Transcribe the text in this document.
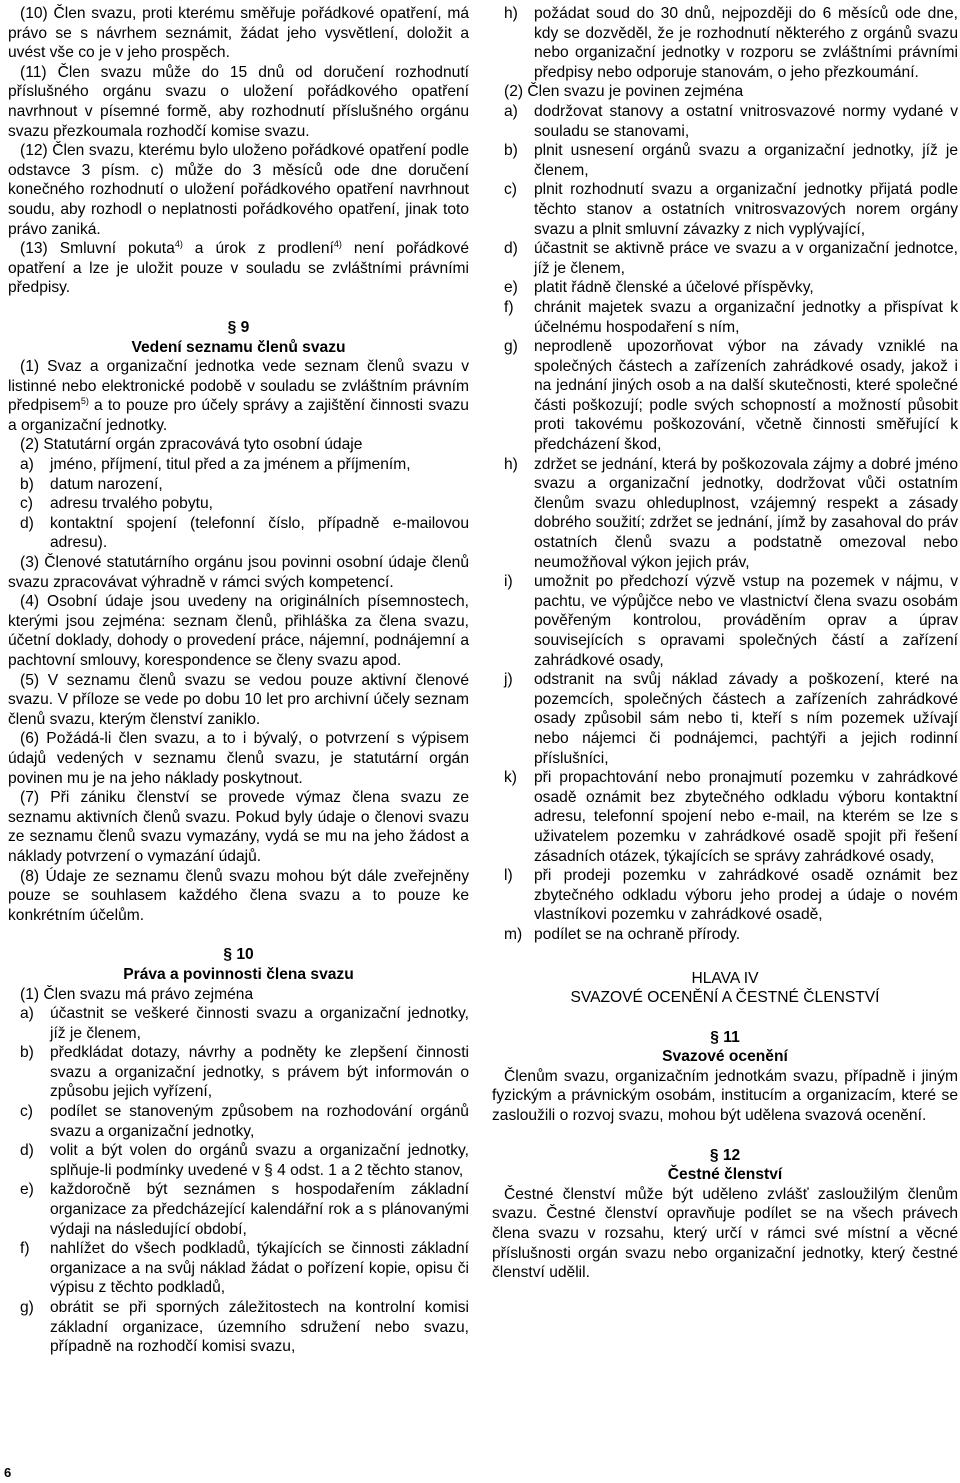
(10) Člen svazu, proti kterému směřuje pořádkové opatření, má právo se s návrhem seznámit, žádat jeho vysvětlení, doložit a uvést vše co je v jeho prospěch.

(11) Člen svazu může do 15 dnů od doručení rozhodnutí příslušného orgánu svazu o uložení pořádkového opatření navrhnout v písemné formě, aby rozhodnutí příslušného orgánu svazu přezkoumala rozhodčí komise svazu.

(12) Člen svazu, kterému bylo uloženo pořádkové opatření podle odstavce 3 písm. c) může do 3 měsíců ode dne doručení konečného rozhodnutí o uložení pořádkového opatření navrhnout soudu, aby rozhodl o neplatnosti pořádkového opatření, jinak toto právo zaniká.

(13) Smluvní pokuta$^{4)}$ a úrok z prodlení$^{4)}$ není pořádkové opatření a lze je uložit pouze v souladu se zvláštními právními předpisy.

§ 9

Vedení seznamu členů svazu

(1) Svaz a organizační jednotka vede seznam členů svazu v listinné nebo elektronické podobě v souladu se zvláštním právním předpisem$^{5)}$ a to pouze pro účely správy a zajištění činnosti svazu a organizační jednotky.

(2) Statutární orgán zpracovává tyto osobní údaje

a)	jméno, příjmení, titul před a za jménem a příjmením,
b)	datum narození,
c)	adresu trvalého pobytu,
d)	kontaktní spojení (telefonní číslo, případně e-mailovou adresu).

(3) Členové statutárního orgánu jsou povinni osobní údaje členů svazu zpracovávat výhradně v rámci svých kompetencí.

(4) Osobní údaje jsou uvedeny na originálních písemnostech, kterými jsou zejména: seznam členů, přihláška za člena svazu, účetní doklady, dohody o provedení práce, nájemní, podnájemní a pachtovní smlouvy, korespondence se členy svazu apod.

(5) V seznamu členů svazu se vedou pouze aktivní členové svazu. V příloze se vede po dobu 10 let pro archivní účely seznam členů svazu, kterým členství zaniklo.

(6) Požádá-li člen svazu, a to i bývalý, o potvrzení s výpisem údajů vedených v seznamu členů svazu, je statutární orgán povinen mu je na jeho náklady poskytnout.

(7) Při zániku členství se provede výmaz člena svazu ze seznamu aktivních členů svazu. Pokud byly údaje o členovi svazu ze seznamu členů svazu vymazány, vydá se mu na jeho žádost a náklady potvrzení o vymazání údajů.

(8) Údaje ze seznamu členů svazu mohou být dále zveřejněny pouze se souhlasem každého člena svazu a to pouze ke konkrétním účelům.

§ 10

Práva a povinnosti člena svazu

(1) Člen svazu má právo zejména

a)	účastnit se veškeré činnosti svazu a organizační jednotky, jíž je členem,
b)	předkládat dotazy, návrhy a podněty ke zlepšení činnosti svazu a organizační jednotky, s právem být informován o způsobu jejich vyřízení,
c)	podílet se stanoveným způsobem na rozhodování orgánů svazu a organizační jednotky,
d)	volit a být volen do orgánů svazu a organizační jednotky, splňuje-li podmínky uvedené v § 4 odst. 1 a 2 těchto stanov,
e)	každoročně být seznámen s hospodařením základní organizace za předcházející kalendářní rok a s plánovanými výdaji na následující období,
f)	nahlížet do všech podkladů, týkajících se činnosti základní organizace a na svůj náklad žádat o pořízení kopie, opisu či výpisu z těchto podkladů,
g)	obrátit se při sporných záležitostech na kontrolní komisi základní organizace, územního sdružení nebo svazu, případně na rozhodčí komisi svazu,
h)	požádat soud do 30 dnů, nejpozději do 6 měsíců ode dne, kdy se dozvěděl, že je rozhodnutí některého z orgánů svazu nebo organizační jednotky v rozporu se zvláštními právními předpisy nebo odporuje stanovám, o jeho přezkoumání.

(2) Člen svazu je povinen zejména

a)	dodržovat stanovy a ostatní vnitrosvazové normy vydané v souladu se stanovami,
b)	plnit usnesení orgánů svazu a organizační jednotky, jíž je členem,
c)	plnit rozhodnutí svazu a organizační jednotky přijatá podle těchto stanov a ostatních vnitrosvazových norem orgány svazu a plnit smluvní závazky z nich vyplývající,
d)	účastnit se aktivně práce ve svazu a v organizační jednotce, jíž je členem,
e)	platit řádně členské a účelové příspěvky,
f)	chránit majetek svazu a organizační jednotky a přispívat k účelnému hospodaření s ním,
g)	neprodleně upozorňovat výbor na závady vzniklé na společných částech a zařízeních zahrádkové osady, jakož i na jednání jiných osob a na další skutečnosti, které společné části poškozují; podle svých schopností a možností působit proti takovému poškozování, včetně činnosti směřující k předcházení škod,
h)	zdržet se jednání, která by poškozovala zájmy a dobré jméno svazu a organizační jednotky, dodržovat vůči ostatním členům svazu ohleduplnost, vzájemný respekt a zásady dobrého soužití; zdržet se jednání, jímž by zasahoval do práv ostatních členů svazu a podstatně omezoval nebo neumožňoval výkon jejich práv,
i)	umožnit po předchozí výzvě vstup na pozemek v nájmu, v pachtu, ve výpůjčce nebo ve vlastnictví člena svazu osobám pověřeným kontrolou, prováděním oprav a úprav souvisejících s opravami společných částí a zařízení zahrádkové osady,
j)	odstranit na svůj náklad závady a poškození, které na pozemcích, společných částech a zařízeních zahrádkové osady způsobil sám nebo ti, kteří s ním pozemek užívají nebo nájemci či podnájemci, pachtýři a jejich rodinní příslušníci,
k)	při propachtování nebo pronajmutí pozemku v zahrádkové osadě oznámit bez zbytečného odkladu výboru kontaktní adresu, telefonní spojení nebo e-mail, na kterém se lze s uživatelem pozemku v zahrádkové osadě spojit při řešení zásadních otázek, týkajících se správy zahrádkové osady,
l)	při prodeji pozemku v zahrádkové osadě oznámit bez zbytečného odkladu výboru jeho prodej a údaje o novém vlastníkovi pozemku v zahrádkové osadě,
m) podílet se na ochraně přírody.

HLAVA IV

SVAZOVÉ OCENĚNÍ A ČESTNÉ ČLENSTVÍ

§ 11

Svazové ocenění

Členům svazu, organizačním jednotkám svazu, případně i jiným fyzickým a právnickým osobám, institucím a organizacím, které se zasloužili o rozvoj svazu, mohou být udělena svazová ocenění.

§ 12

Čestné členství

Čestné členství může být uděleno zvlášť zasloužilým členům svazu. Čestné členství opravňuje podílet se na všech právech člena svazu v rozsahu, který určí v rámci své místní a věcné příslušnosti orgán svazu nebo organizační jednotky, který čestné členství udělil.

6
